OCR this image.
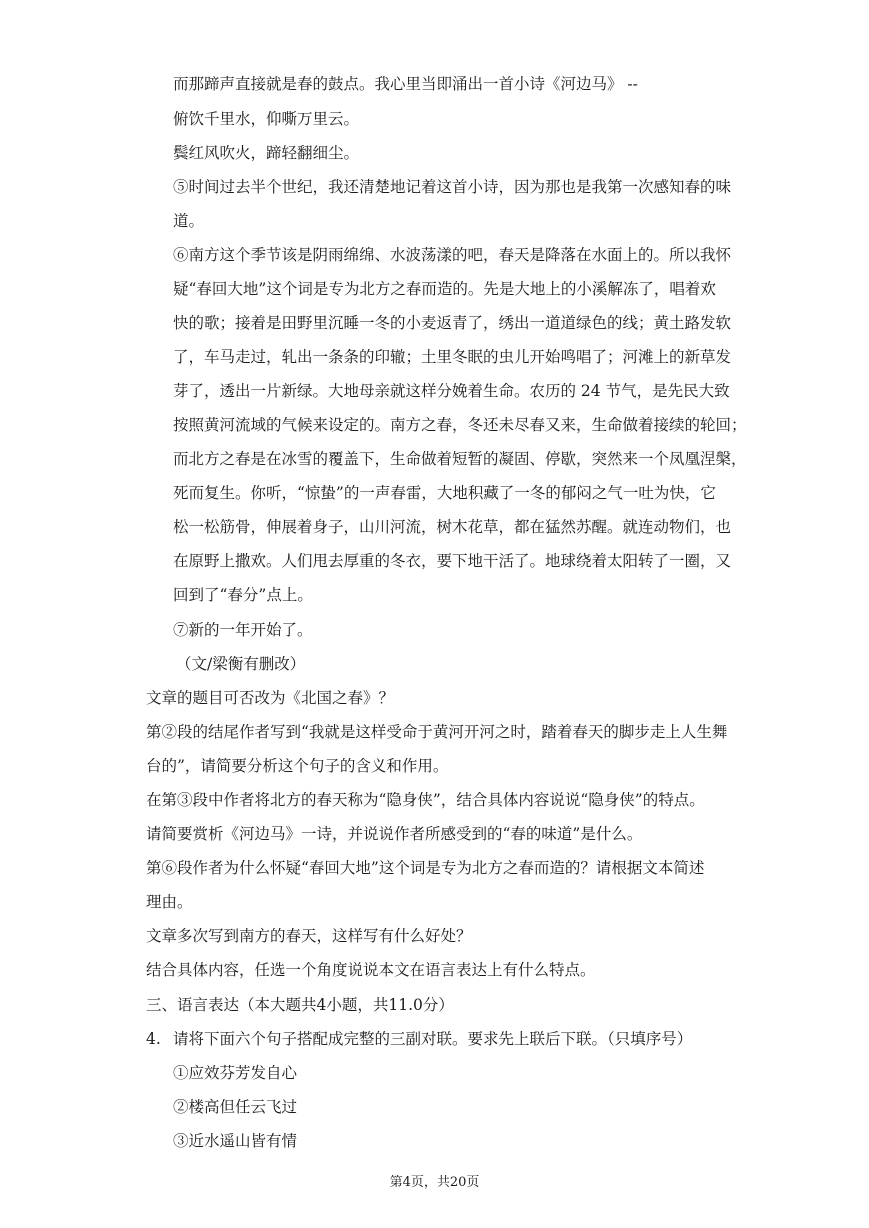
而那蹄声直接就是春的鼓点。我心里当即涌出一首小诗《河边马》 --
俯饮千里水，仰嘶万里云。
鬓红风吹火，蹄轻翻细尘。
⑤时间过去半个世纪，我还清楚地记着这首小诗，因为那也是我第一次感知春的味
道。
⑥南方这个季节该是阴雨绵绵、水波荡漾的吧，春天是降落在水面上的。所以我怀
疑“春回大地”这个词是专为北方之春而造的。先是大地上的小溪解冻了，唱着欢
快的歌；接着是田野里沉睡一冬的小麦返青了，绣出一道道绿色的线；黄土路发软
了，车马走过，轧出一条条的印辙；土里冬眠的虫儿开始鸣唱了；河滩上的新草发
芽了，透出一片新绿。大地母亲就这样分娩着生命。农历的 24 节气，是先民大致
按照黄河流域的气候来设定的。南方之春，冬还未尽春又来，生命做着接续的轮回；
而北方之春是在冰雪的覆盖下，生命做着短暂的凝固、停歇，突然来一个凤凰涅槃，
死而复生。你听，“惊蛰”的一声春雷，大地积藏了一冬的郁闷之气一吐为快，它
松一松筋骨，伸展着身子，山川河流，树木花草，都在猛然苏醒。就连动物们，也
在原野上撒欢。人们甩去厚重的冬衣，要下地干活了。地球绕着太阳转了一圈，又
回到了“春分”点上。
⑦新的一年开始了。
（文/梁衡有删改）
文章的题目可否改为《北国之春》？
第②段的结尾作者写到“我就是这样受命于黄河开河之时，踏着春天的脚步走上人生舞
台的”，请简要分析这个句子的含义和作用。
在第③段中作者将北方的春天称为“隐身侠”，结合具体内容说说“隐身侠”的特点。
请简要赏析《河边马》一诗，并说说作者所感受到的“春的味道”是什么。
第⑥段作者为什么怀疑“春回大地”这个词是专为北方之春而造的？请根据文本简述
理由。
文章多次写到南方的春天，这样写有什么好处？
结合具体内容，任选一个角度说说本文在语言表达上有什么特点。
三、语言表达（本大题共4小题，共11.0分）
4. 请将下面六个句子搭配成完整的三副对联。要求先上联后下联。（只填序号）
①应效芬芳发自心
②楼高但任云飞过
③近水遥山皆有情
第4页，共20页
